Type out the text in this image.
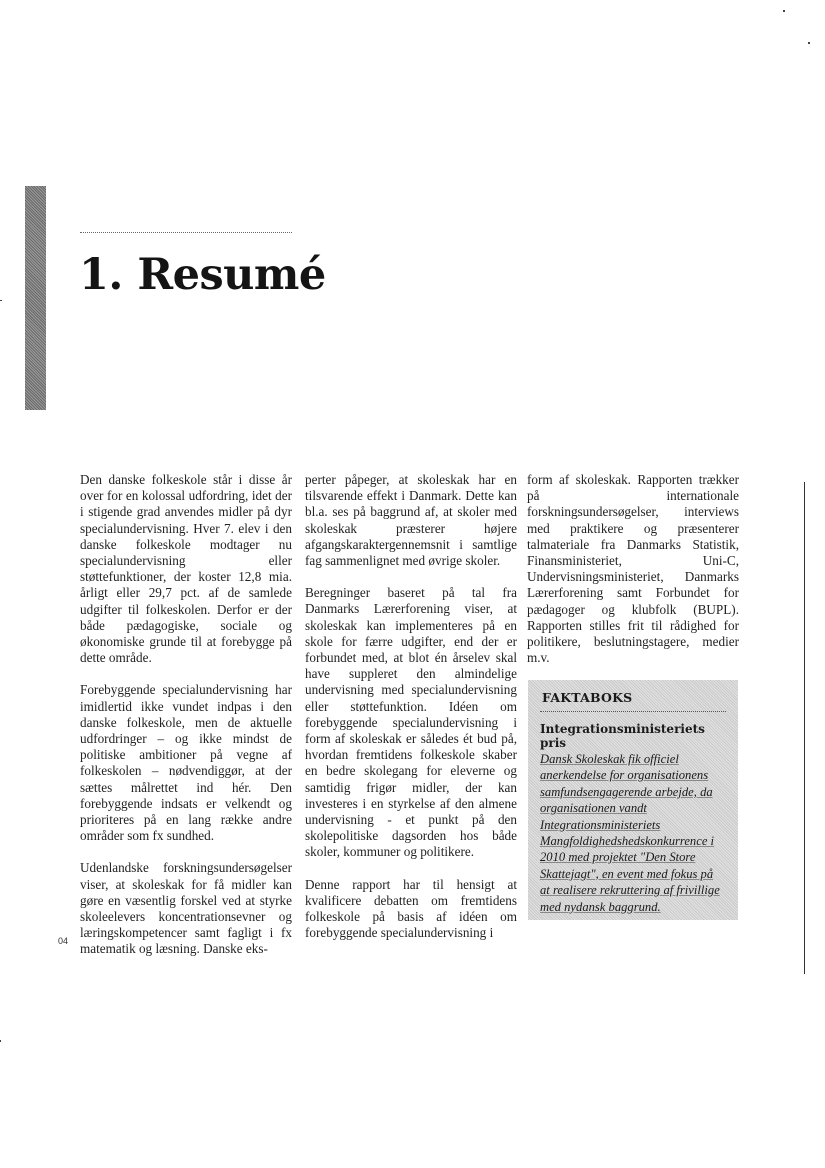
1. Resumé

Den danske folkeskole står i disse år over for en kolossal udfordring, idet der i stigende grad anvendes midler på dyr specialundervisning. Hver 7. elev i den danske folkeskole modtager nu specialundervisning eller støttefunktioner, der koster 12,8 mia. årligt eller 29,7 pct. af de samlede udgifter til folkeskolen. Derfor er der både pædagogiske, sociale og økonomiske grunde til at forebygge på dette område.

Forebyggende specialundervisning har imidlertid ikke vundet indpas i den danske folkeskole, men de aktuelle udfordringer – og ikke mindst de politiske ambitioner på vegne af folkeskolen – nødvendiggør, at der sættes målrettet ind hér. Den forebyggende indsats er velkendt og prioriteres på en lang række andre områder som fx sundhed.

Udenlandske forskningsundersøgelser viser, at skoleskak for få midler kan gøre en væsentlig forskel ved at styrke skoleelevers koncentrationsevner og læringskompetencer samt fagligt i fx matematik og læsning. Danske eks-

perter påpeger, at skoleskak har en tilsvarende effekt i Danmark. Dette kan bl.a. ses på baggrund af, at skoler med skoleskak præsterer højere afgangskaraktergennemsnit i samtlige fag sammenlignet med øvrige skoler.

Beregninger baseret på tal fra Danmarks Lærerforening viser, at skoleskak kan implementeres på en skole for færre udgifter, end der er forbundet med, at blot én årselev skal have suppleret den almindelige undervisning med specialundervisning eller støttefunktion. Idéen om forebyggende specialundervisning i form af skoleskak er således ét bud på, hvordan fremtidens folkeskole skaber en bedre skolegang for eleverne og samtidig frigør midler, der kan investeres i en styrkelse af den almene undervisning - et punkt på den skolepolitiske dagsorden hos både skoler, kommuner og politikere.

Denne rapport har til hensigt at kvalificere debatten om fremtidens folkeskole på basis af idéen om forebyggende specialundervisning i

form af skoleskak. Rapporten trækker på internationale forskningsundersøgelser, interviews med praktikere og præsenterer talmateriale fra Danmarks Statistik, Finansministeriet, Uni-C, Undervisningsministeriet, Danmarks Lærerforening samt Forbundet for pædagoger og klubfolk (BUPL). Rapporten stilles frit til rådighed for politikere, beslutningstagere, medier m.v.

FAKTABOKS
Integrationsministeriets pris

Dansk Skoleskak fik officiel anerkendelse for organisationens samfundsengagerende arbejde, da organisationen vandt Integrationsministeriets Mangfoldighedshedskonkurrence i 2010 med projektet "Den Store Skattejagt", en event med fokus på at realisere rekruttering af frivillige med nydansk baggrund.

04
